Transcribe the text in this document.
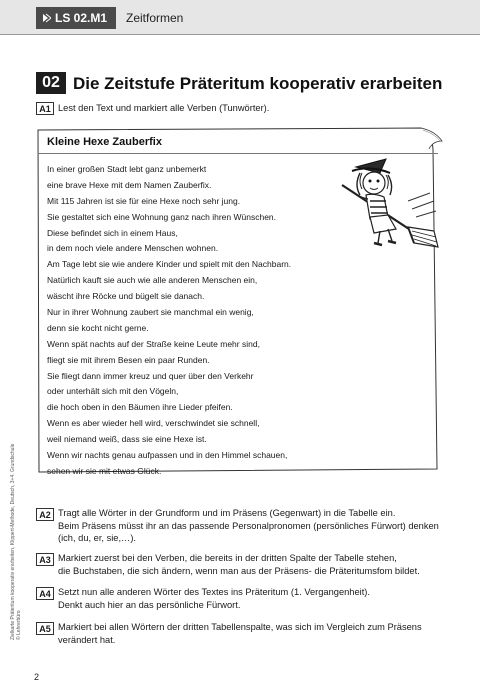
LS 02.M1	Zeitformen
Zielkarte Präteritum kooperativ erarbeiten, Klippert-Methode, Deutsch, 3+4. Grundschule © Lehrerbüro
02 Die Zeitstufe Präteritum kooperativ erarbeiten
A1 Lest den Text und markiert alle Verben (Tunwörter).
Kleine Hexe Zauberfix
In einer großen Stadt lebt ganz unbemerkt
eine brave Hexe mit dem Namen Zauberfix.
Mit 115 Jahren ist sie für eine Hexe noch sehr jung.
Sie gestaltet sich eine Wohnung ganz nach ihren Wünschen.
Diese befindet sich in einem Haus,
in dem noch viele andere Menschen wohnen.
Am Tage lebt sie wie andere Kinder und spielt mit den Nachbarn.
Natürlich kauft sie auch wie alle anderen Menschen ein,
wäscht ihre Röcke und bügelt sie danach.
Nur in ihrer Wohnung zaubert sie manchmal ein wenig,
denn sie kocht nicht gerne.
Wenn spät nachts auf der Straße keine Leute mehr sind,
fliegt sie mit ihrem Besen ein paar Runden.
Sie fliegt dann immer kreuz und quer über den Verkehr
oder unterhält sich mit den Vögeln,
die hoch oben in den Bäumen ihre Lieder pfeifen.
Wenn es aber wieder hell wird, verschwindet sie schnell,
weil niemand weiß, dass sie eine Hexe ist.
Wenn wir nachts genau aufpassen und in den Himmel schauen,
sehen wir sie mit etwas Glück.
A2 Tragt alle Wörter in der Grundform und im Präsens (Gegenwart) in die Tabelle ein.
Beim Präsens müsst ihr an das passende Personalpronomen (persönliches Fürwort) denken
(ich, du, er, sie,…).
A3 Markiert zuerst bei den Verben, die bereits in der dritten Spalte der Tabelle stehen,
die Buchstaben, die sich ändern, wenn man aus der Präsens- die Präteritumsfom bildet.
A4 Setzt nun alle anderen Wörter des Textes ins Präteritum (1. Vergangenheit).
Denkt auch hier an das persönliche Fürwort.
A5 Markiert bei allen Wörtern der dritten Tabellenspalte, was sich im Vergleich zum Präsens
verändert hat.
2
